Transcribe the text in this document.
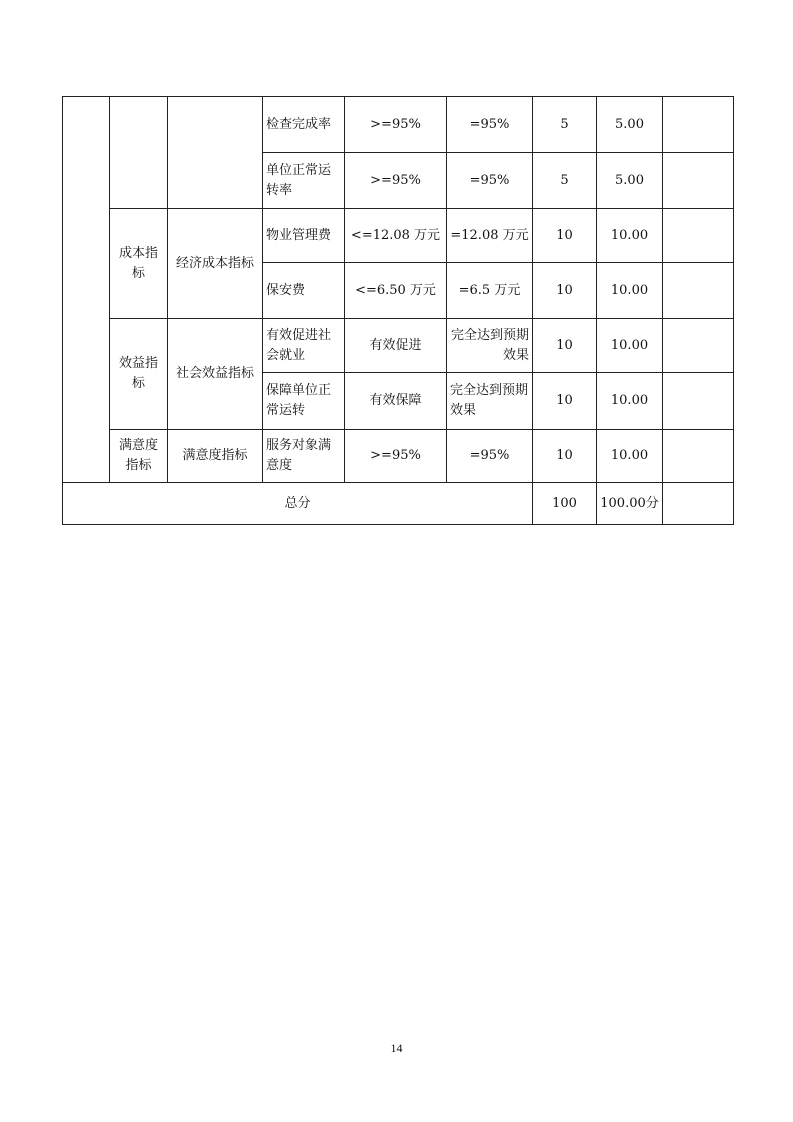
			检查完成率	>=95%	=95%	5	5.00	
			单位正常运转率	>=95%	=95%	5	5.00	
	成本指标	经济成本指标	物业管理费	<=12.08 万元	=12.08 万元	10	10.00	
			保安费	<=6.50 万元	=6.5 万元	10	10.00	
	效益指标	社会效益指标	有效促进社会就业	有效促进	完全达到预期效果	10	10.00	
			保障单位正常运转	有效保障	完全达到预期效果	10	10.00	
	满意度指标	满意度指标	服务对象满意度	>=95%	=95%	10	10.00	
总分						100	100.00分	
14
